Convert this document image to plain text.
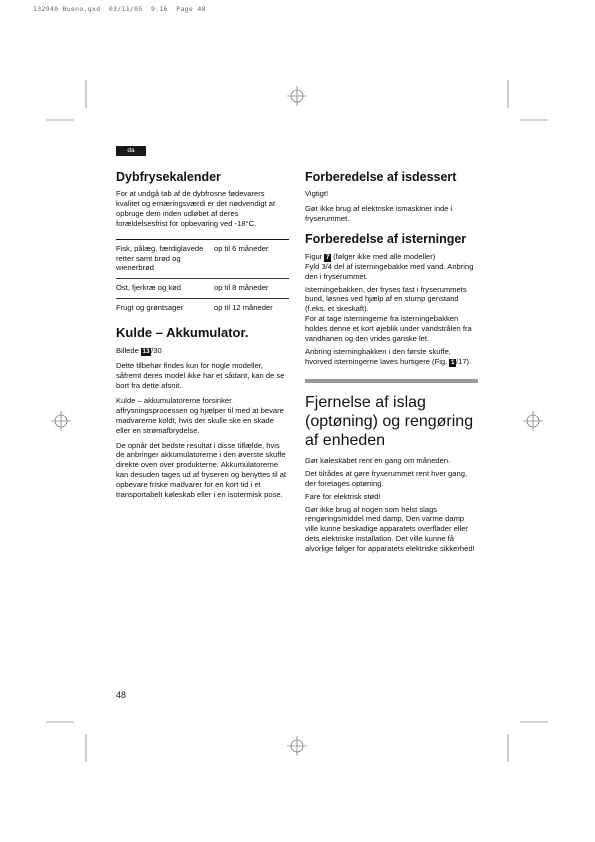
132940 Bueno.qxd  03/11/05  9:16  Page 48
da
Dybfrysekalender

For at undgå tab af de dybfrosne fødevarers kvalitet og ernæringsværdi er det nødvendigt at opbruge dem inden udløbet af deres forældelsesfrist for opbevaring ved -18°C.

Fisk, pålæg, færdiglavede retter samt brød og wienerbrød	op til 6 måneder
Ost, fjerkræ og kød	op til 8 måneder
Frugt og grøntsager	op til 12 måneder
Kulde – Akkumulator.

Billede 13 /30

Dette tilbehør findes kun for nogle modeller, såfremt deres model ikke har et sådant, kan de se bort fra dette afsnit.

Kulde – akkumulatorerne forsinker affrysningsprocessen og hjælper til med at bevare madvarerne koldt, hvis der skulle ske en skade eller en strømafbrydelse.

De opnår det bedste resultat i disse tilfælde, hvis de anbringer akkumulatorerne i den øverste skuffe direkte oven over produkterne. Akkumulatorerne kan desuden tages ud af fryseren og benyttes til at opbevare friske madvarer for en kort tid i et transportabelt køleskab eller i en isotermisk pose.

Forberedelse af isdessert

Vigtigt!

Gør ikke brug af elektriske ismaskiner inde i fryserummet.

Forberedelse af isterninger

Figur 7 (følger ikke med alle modeller)

Fyld 3/4 del af isterningebakke med vand. Anbring den i fryserummet.

Isterningebakken, der fryses fast i fryserummets bund, løsnes ved hjælp af en stump genstand (f.eks. et skeskaft).

For at tage isterningerne fra isterningebakken holdes denne et kort øjeblik under vandstrålen fra vandhanen og den vrides ganske let.

Anbring isterningbakken i den første skuffe, hvorved isterningerne laves hurtigere (Fig. 1 /17).

Fjernelse af islag (optøning) og rengøring af enheden

Gør køleskabet rent en gang om måneden.

Det tilrådes at gøre fryserummet rent hver gang, der foretages optøning.

Fare for elektrisk stød!

Gør ikke brug af nogen som helst slags rengøringsmiddel med damp. Den varme damp ville kunne beskadige apparatets overflader eller dets elektriske installation. Det ville kunne få alvorlige følger for apparatets elektriske sikkerhed!

48
